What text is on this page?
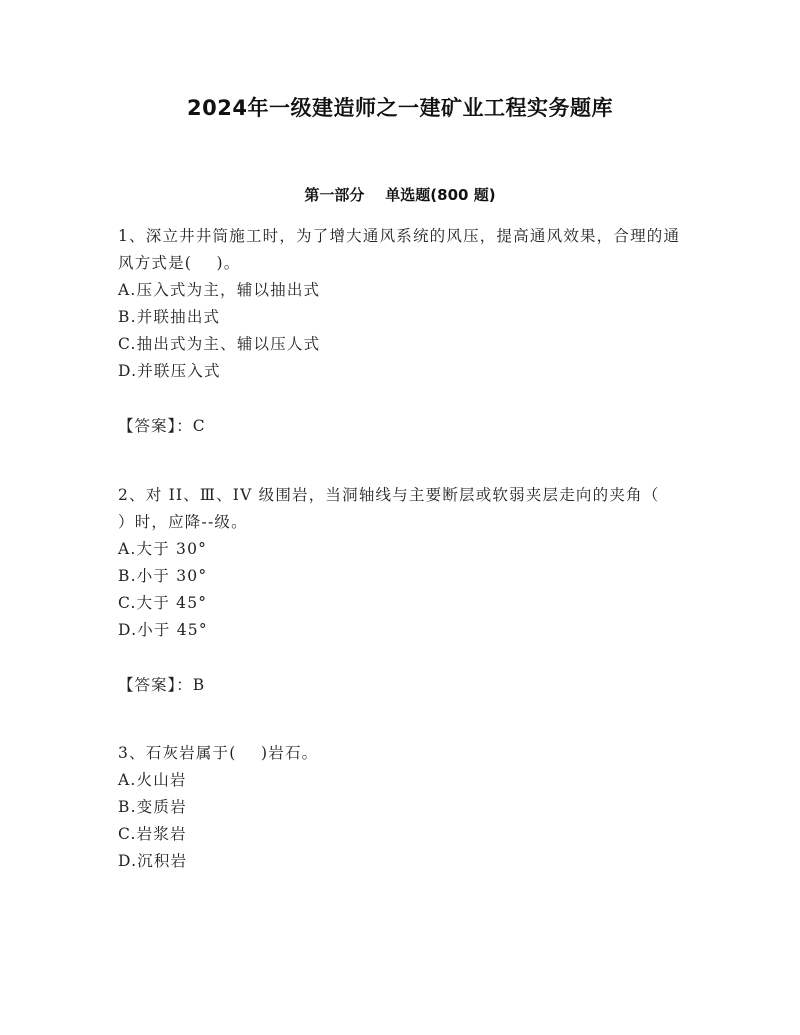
2024年一级建造师之一建矿业工程实务题库
第一部分    单选题(800 题)

1、深立井井筒施工时，为了增大通风系统的风压，提高通风效果，合理的通风方式是(    )。

A.压入式为主，辅以抽出式

B.并联抽出式

C.抽出式为主、辅以压人式

D.并联压入式

【答案】：C

2、对 II、Ⅲ、IV 级围岩，当洞轴线与主要断层或软弱夹层走向的夹角（    ）时，应降--级。

A.大于 30°

B.小于 30°

C.大于 45°

D.小于 45°

【答案】：B

3、石灰岩属于(    )岩石。

A.火山岩

B.变质岩

C.岩浆岩

D.沉积岩
